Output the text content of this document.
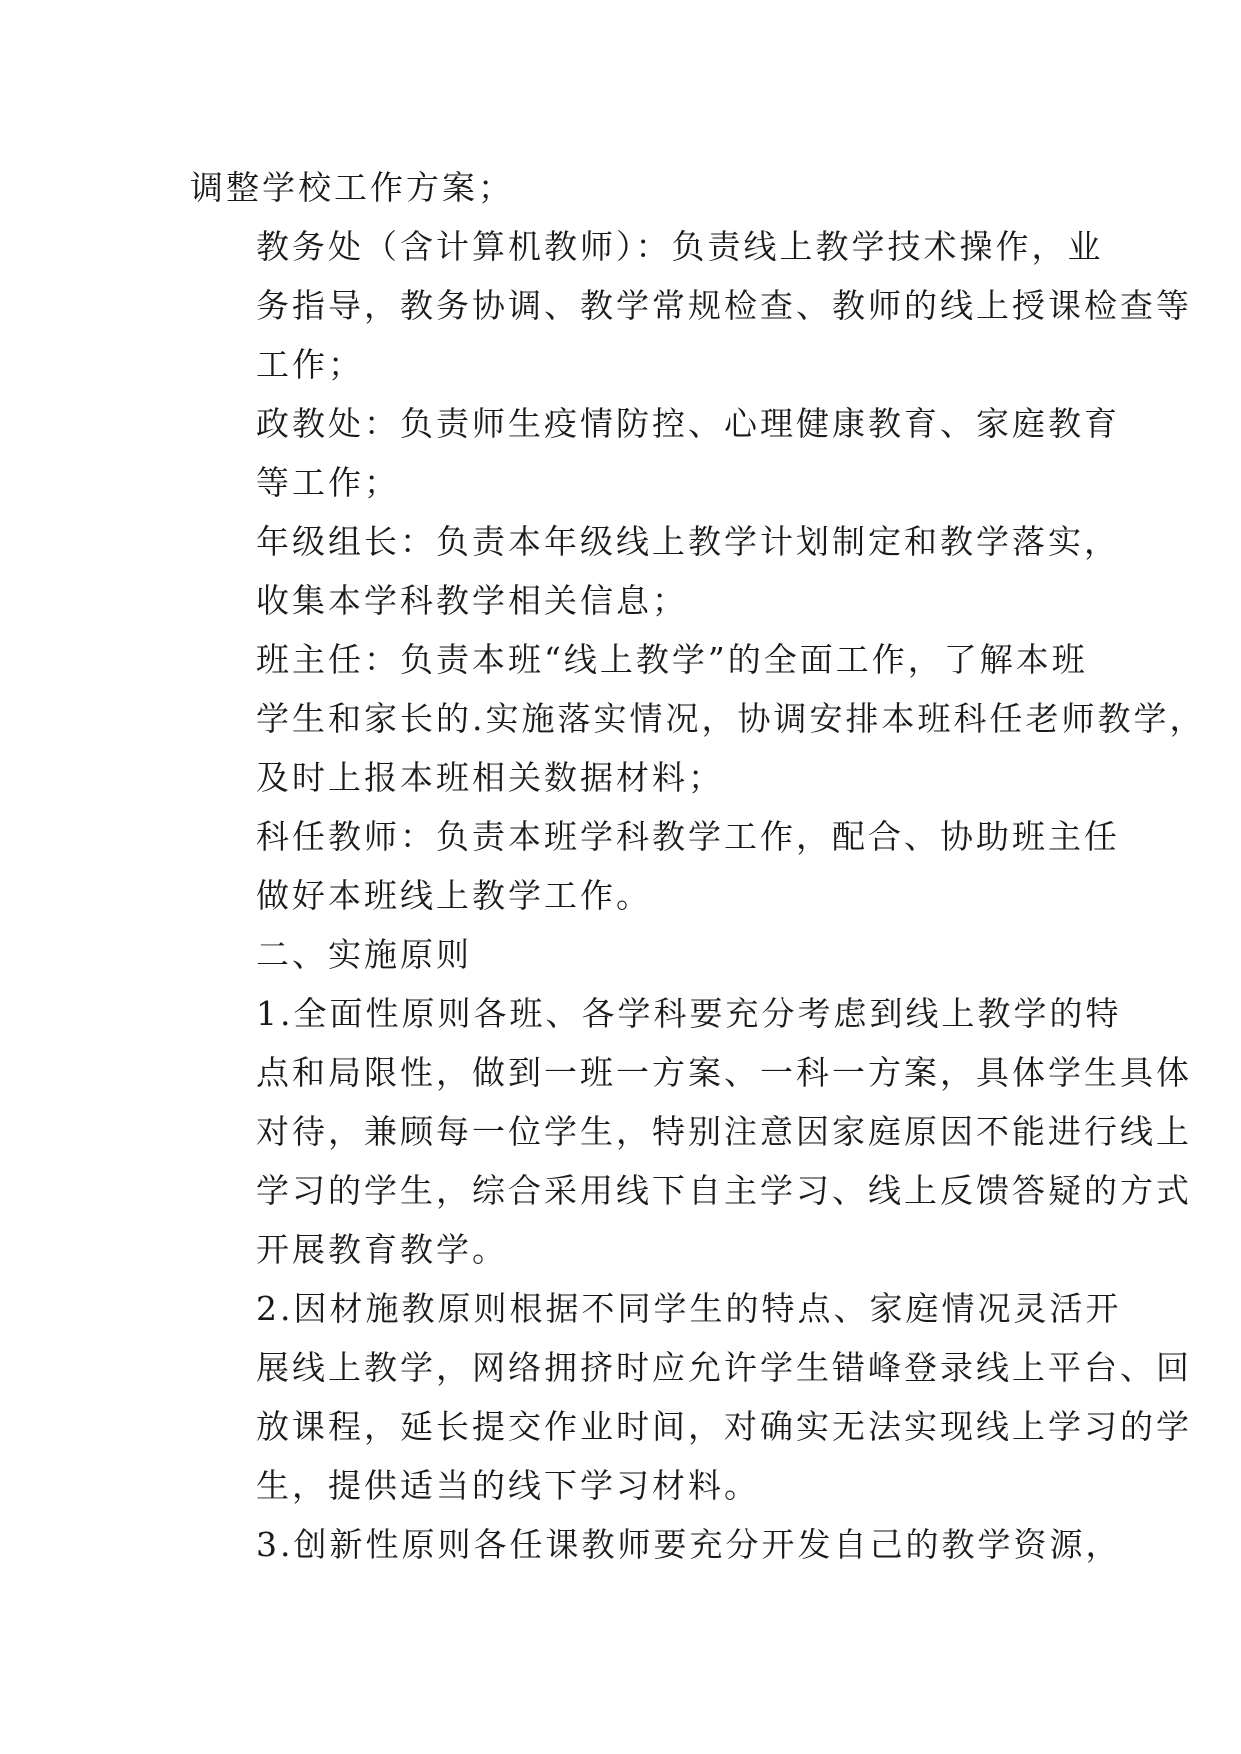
调整学校工作方案；

教务处（含计算机教师）：负责线上教学技术操作，业
务指导，教务协调、教学常规检查、教师的线上授课检查等
工作；

政教处：负责师生疫情防控、心理健康教育、家庭教育
等工作；

年级组长：负责本年级线上教学计划制定和教学落实，
收集本学科教学相关信息；

班主任：负责本班“线上教学”的全面工作，了解本班
学生和家长的.实施落实情况，协调安排本班科任老师教学，
及时上报本班相关数据材料；

科任教师：负责本班学科教学工作，配合、协助班主任
做好本班线上教学工作。

二、实施原则

1.全面性原则各班、各学科要充分考虑到线上教学的特
点和局限性，做到一班一方案、一科一方案，具体学生具体
对待，兼顾每一位学生，特别注意因家庭原因不能进行线上
学习的学生，综合采用线下自主学习、线上反馈答疑的方式
开展教育教学。

2.因材施教原则根据不同学生的特点、家庭情况灵活开
展线上教学，网络拥挤时应允许学生错峰登录线上平台、回
放课程，延长提交作业时间，对确实无法实现线上学习的学
生，提供适当的线下学习材料。

3.创新性原则各任课教师要充分开发自己的教学资源，
